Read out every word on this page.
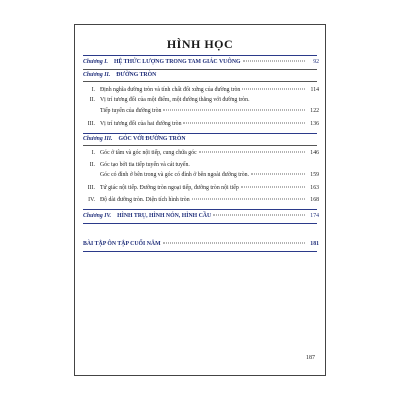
HÌNH HỌC
Chương I. HỆ THỨC LƯỢNG TRONG TAM GIÁC VUÔNG	92
Chương II. ĐƯỜNG TRÒN
I. Định nghĩa đường tròn và tính chất đối xứng của đường tròn	114
II. Vị trí tương đối của một điểm, một đường thẳng với đường tròn.
Tiếp tuyến của đường tròn	122
III. Vị trí tương đối của hai đường tròn	136
Chương III. GÓC VỚI ĐƯỜNG TRÒN
I. Góc ở tâm và góc nội tiếp, cung chứa góc	146
II. Góc tạo bởi tia tiếp tuyến và cát tuyến.
Góc có đỉnh ở bên trong và góc có đỉnh ở bên ngoài đường tròn.	159
III. Tứ giác nội tiếp. Đường tròn ngoại tiếp, đường tròn nội tiếp	163
IV. Độ dài đường tròn. Diện tích hình tròn	168
Chương IV. HÌNH TRỤ, HÌNH NÓN, HÌNH CẦU	174
BÀI TẬP ÔN TẬP CUỐI NĂM	181
187
